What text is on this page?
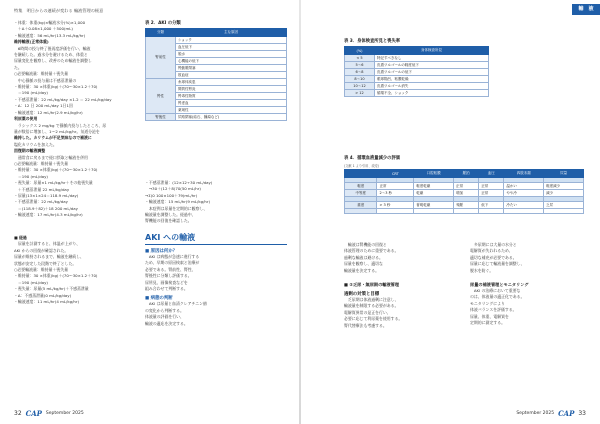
特集　明日からの連続が変わる 輸液管理の極意

・体重：体重(kg)×輸液水分(%)×1,000

　＋Δ＋0.08×1,000 ＋500(mL)

・輸液速度：56 mL/hr(13.3 mL/kg/hr)

維持輸液(正常体重)

　6時間の投与終了後再度評価を行い、輸液

を継続した。過水分を避けるため、体重と

尿量変化を観察し、改善のため輸液を調整し

た。

○必要輸液量：維持量＋喪失量

　中心静脈の投与量は不感蒸泄量の

・維持量：30 ×体重(kg)＋(70〜30×1.2＋70)

　＝190 (mL/day)

・不感蒸泄量：22 mL/kg/day ×1.2 ＝ 22 mL/kg/day

・Δ：12 日 200 mL/day 1日1回

・輸液速度：12 mL/hr(2.9 mL/kg/hr)

利尿薬の使用

　ラシックス 2 mg/kg で静脈内投与したところ、尿

量が数倍に増加し、1〜2 mL/kg/hr。気道分泌を

維持した。カリウムが不足気味なので補液に

塩化カリウムを加えた。

回復期の輸液調整

　通常食に戻るまで経口摂取と輸液を併用

○必要輸液量：維持量＋喪失量

・維持量：30 ×体重(kg)＋(70〜30×1.2＋70)

　＝190 (mL/day)

・喪失量：尿量×1 mL/kg/hr＋その他喪失量

　＋不感蒸泄量 22 mL/kg/day

・尿量(13×1×24＝118.9 mL/day)

・不感蒸泄量：22 mL/kg/day

　＝(118.9＋82)＋18 200 mL/day

・輸液速度：17 mL/hr(4.3 mL/kg/hr)

■ 経過

　尿量を計測すると、体温が上がり、

AKI からの回復が確認された。

尿量が維持されるまで、輸液を継続し、

状態が安定した段階で終了とした。

○必要輸液量：維持量＋喪失量

・維持量：30 ×体重(kg)＋(70〜30×1.2＋70)

　＝190 (mL/day)

・喪失量：尿量(5 mL/kg/hr)＋不感蒸泄量

・Δ：不感蒸泄量(0 mL/kg/day)

・輸液速度：11 mL/hr(4 mL/kg/hr)

表 2．AKI の分類
分類	主な原因
腎前性	ショック
	血圧低下
	脱水
	心機能の低下
	腎動脈閉塞
	敗血症
腎性	糸球体疾患
	間質性腎炎
	腎毒性物質
	腎虚血
	薬剤性
腎後性	尿路閉塞(結石、腫瘍など)

・不感蒸泄量：(12×12÷30 mL/day)

　→30＋(12＋8)70(50 mL/hr)

→Σ(0 100×100＋79(mL/hr)

・輸液速度：15 mL/hr(9 mL/kg/hr)

　本症例は尿量を定期的に観察し、

輸液量を調整した。経過中、

腎機能の回復を確認した。

AKI への輸液
■ 原因は何か？

　AKI は病態が急速に進行する

ため、早期の原因検索と治療が

必要である。腎前性、腎性、

腎後性に分類し評価する。

尿所見、画像検査などを

組み合わせて判断する。

■ 病態の判断

　AKI は尿量と血清クレアチニン値

の変化から判断する。

体液量の評価を行い、

輸液の適応を決定する。

32 CAP September 2025
輸　液
表 3．身体検査所見と喪失率
(%)	身体検査所見
< 5	特記すべきなし
5〜6	皮膚ツルゴールの軽度低下
6〜8	皮膚ツルゴールの低下
8〜10	眼球陥凹、粘膜乾燥
10〜12	皮膚ツルゴール消失
> 12	循環不全、ショック
表 4．循環血液量減少の評価
(文献 1 より引用、改変)
	CRT	口腔粘膜	脈拍	血圧	四肢末端	尿量

軽度	正常	軽度乾燥	正常	正常	温かい	軽度減少
中等度	2〜3 秒	乾燥	増加	正常	やや冷	減少

重度	> 3 秒	著明乾燥	頻脈	低下	冷たい	乏尿

　輸液は腎機能の回復と

体液管理のために重要である。

過剰な輸液は避ける。

尿量を観察し、適切な

輸液量を決定する。

■ ②乏尿・無尿期の輸液管理
過剰の対策と目標

　乏尿期は体液過剰に注意し、

輸液量を制限する必要がある。

電解質異常の是正を行い、

必要に応じて利尿薬を使用する。

腎代替療法も考慮する。

　多尿期には大量の水分と

電解質が失われるため、

適切な補充が必要である。

尿量に応じて輸液量を調整し、

脱水を防ぐ。

尿量の補液管理とモニタリング

　AKI の治療において重要な

のは、体液量の適正化である。

モニタリングにより

体液バランスを評価する。

尿量、体重、電解質を

定期的に測定する。

September 2025 CAP 33
